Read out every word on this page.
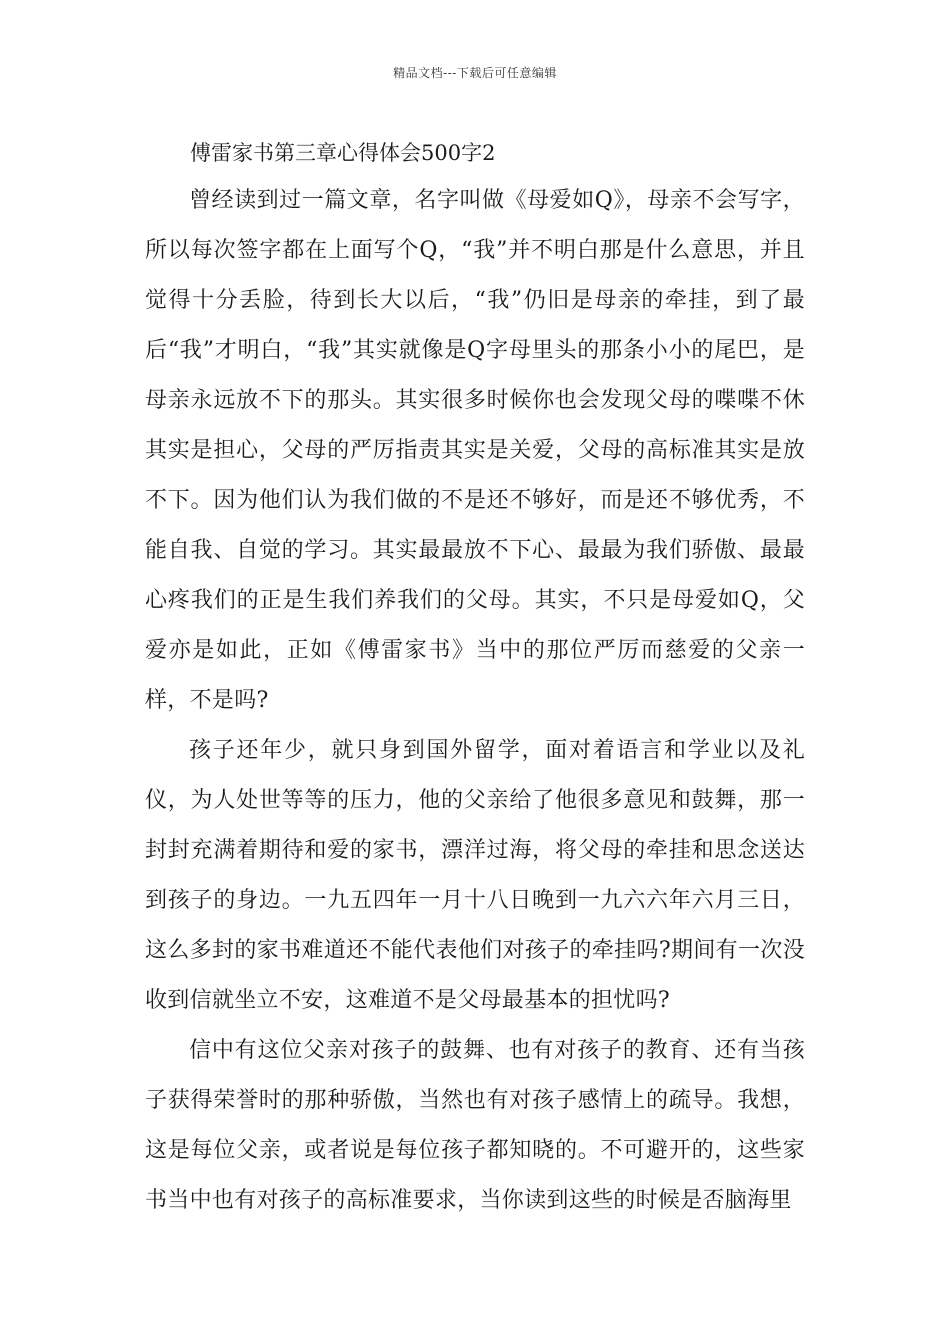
精品文档---下载后可任意编辑
傅雷家书第三章心得体会500字2

曾经读到过一篇文章，名字叫做《母爱如Q》，母亲不会写字，所以每次签字都在上面写个Q，“我”并不明白那是什么意思，并且觉得十分丢脸，待到长大以后，“我”仍旧是母亲的牵挂，到了最后“我”才明白，“我”其实就像是Q字母里头的那条小小的尾巴，是母亲永远放不下的那头。其实很多时候你也会发现父母的喋喋不休其实是担心，父母的严厉指责其实是关爱，父母的高标准其实是放不下。因为他们认为我们做的不是还不够好，而是还不够优秀，不能自我、自觉的学习。其实最最放不下心、最最为我们骄傲、最最心疼我们的正是生我们养我们的父母。其实，不只是母爱如Q，父爱亦是如此，正如《傅雷家书》当中的那位严厉而慈爱的父亲一样，不是吗?

孩子还年少，就只身到国外留学，面对着语言和学业以及礼仪，为人处世等等的压力，他的父亲给了他很多意见和鼓舞，那一封封充满着期待和爱的家书，漂洋过海，将父母的牵挂和思念送达到孩子的身边。一九五四年一月十八日晚到一九六六年六月三日，这么多封的家书难道还不能代表他们对孩子的牵挂吗?期间有一次没收到信就坐立不安，这难道不是父母最基本的担忧吗?

信中有这位父亲对孩子的鼓舞、也有对孩子的教育、还有当孩子获得荣誉时的那种骄傲，当然也有对孩子感情上的疏导。我想，这是每位父亲，或者说是每位孩子都知晓的。不可避开的，这些家书当中也有对孩子的高标准要求，当你读到这些的时候是否脑海里
